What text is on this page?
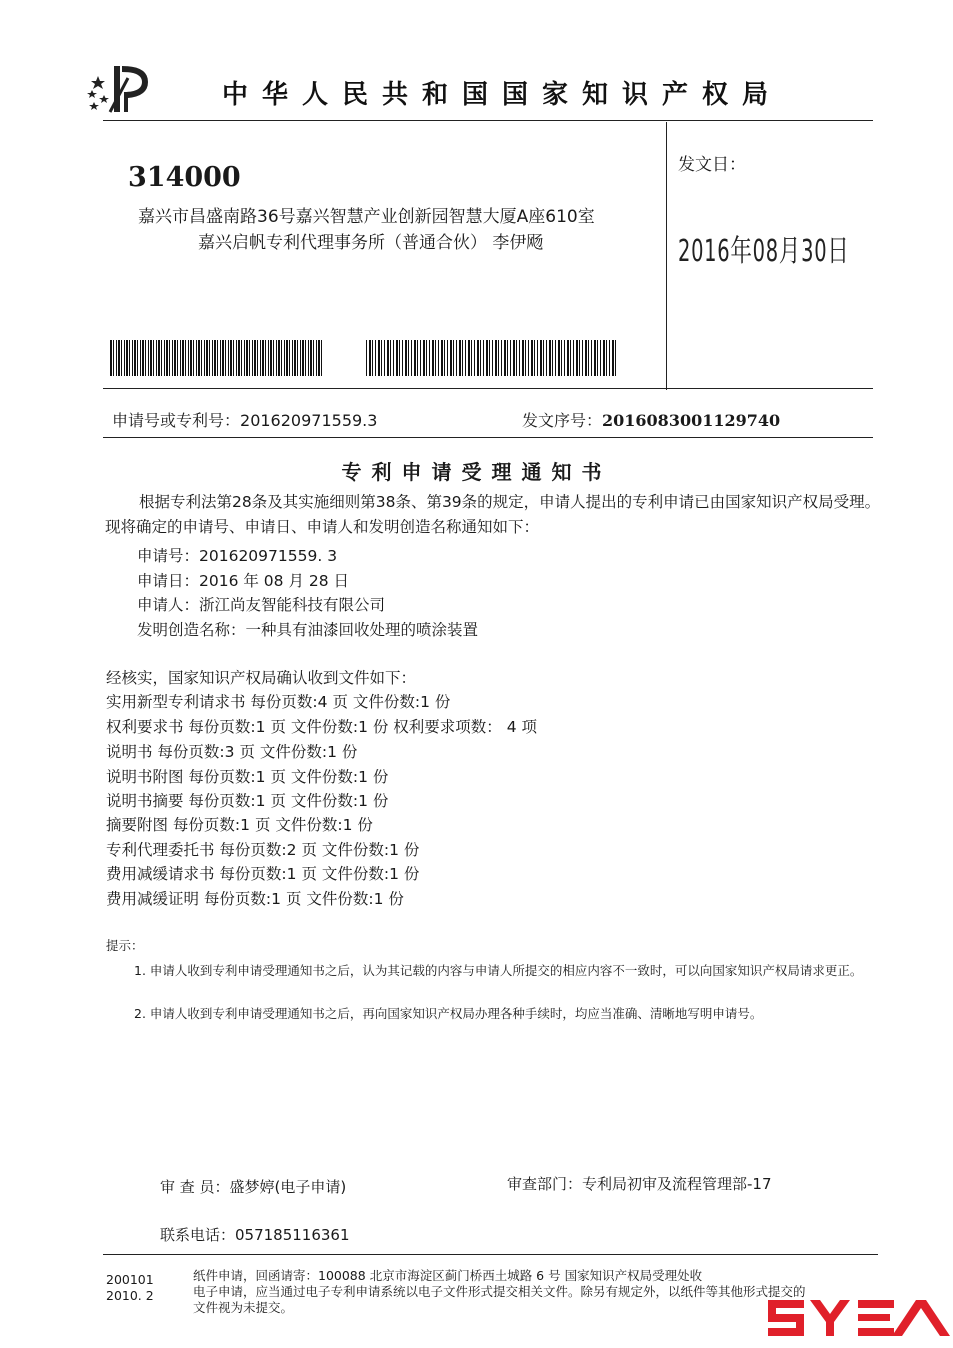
中华人民共和国国家知识产权局
314000
嘉兴市昌盛南路36号嘉兴智慧产业创新园智慧大厦A座610室
嘉兴启帆专利代理事务所（普通合伙） 李伊飏
发文日：
2016年08月30日
申请号或专利号：201620971559.3	发文序号：2016083001129740
专利申请受理通知书
根据专利法第28条及其实施细则第38条、第39条的规定，申请人提出的专利申请已由国家知识产权局受理。现将确定的申请号、申请日、申请人和发明创造名称通知如下：
申请号：201620971559. 3
申请日：2016 年 08 月 28 日
申请人：浙江尚友智能科技有限公司
发明创造名称：一种具有油漆回收处理的喷涂装置
经核实，国家知识产权局确认收到文件如下：
实用新型专利请求书 每份页数:4 页 文件份数:1 份
权利要求书 每份页数:1 页 文件份数:1 份 权利要求项数： 4 项
说明书 每份页数:3 页 文件份数:1 份
说明书附图 每份页数:1 页 文件份数:1 份
说明书摘要 每份页数:1 页 文件份数:1 份
摘要附图 每份页数:1 页 文件份数:1 份
专利代理委托书 每份页数:2 页 文件份数:1 份
费用减缓请求书 每份页数:1 页 文件份数:1 份
费用减缓证明 每份页数:1 页 文件份数:1 份
提示：
1. 申请人收到专利申请受理通知书之后，认为其记载的内容与申请人所提交的相应内容不一致时，可以向国家知识产权局请求更正。
2. 申请人收到专利申请受理通知书之后，再向国家知识产权局办理各种手续时，均应当准确、清晰地写明申请号。
审 查 员：盛梦婷(电子申请)	审查部门：专利局初审及流程管理部-17
联系电话：057185116361
200101
2010. 2
纸件申请，回函请寄：100088 北京市海淀区蓟门桥西土城路 6 号 国家知识产权局受理处收
电子申请，应当通过电子专利申请系统以电子文件形式提交相关文件。除另有规定外，以纸件等其他形式提交的
文件视为未提交。
